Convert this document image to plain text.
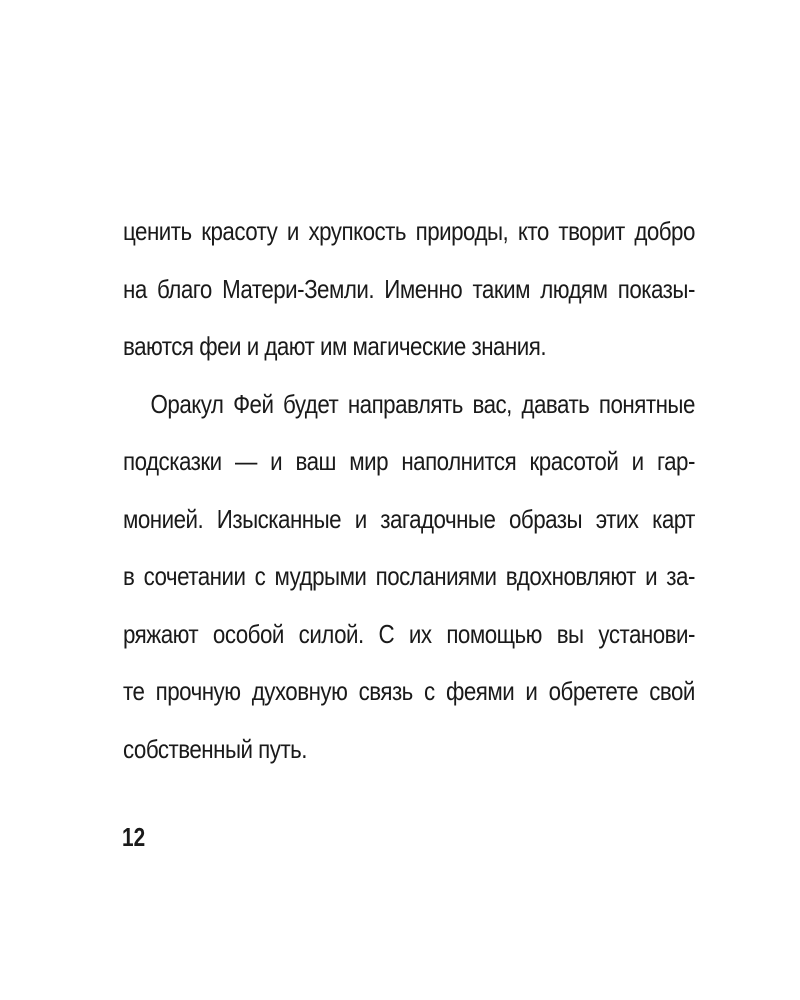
ценить красоту и хрупкость природы, кто творит добро
на благо Матери-Земли. Именно таким людям показы-
ваются феи и дают им магические знания.
Оракул Фей будет направлять вас, давать понятные
подсказки — и ваш мир наполнится красотой и гар-
монией. Изысканные и загадочные образы этих карт
в сочетании с мудрыми посланиями вдохновляют и за-
ряжают особой силой. С их помощью вы установи-
те прочную духовную связь с феями и обретете свой
собственный путь.
12
